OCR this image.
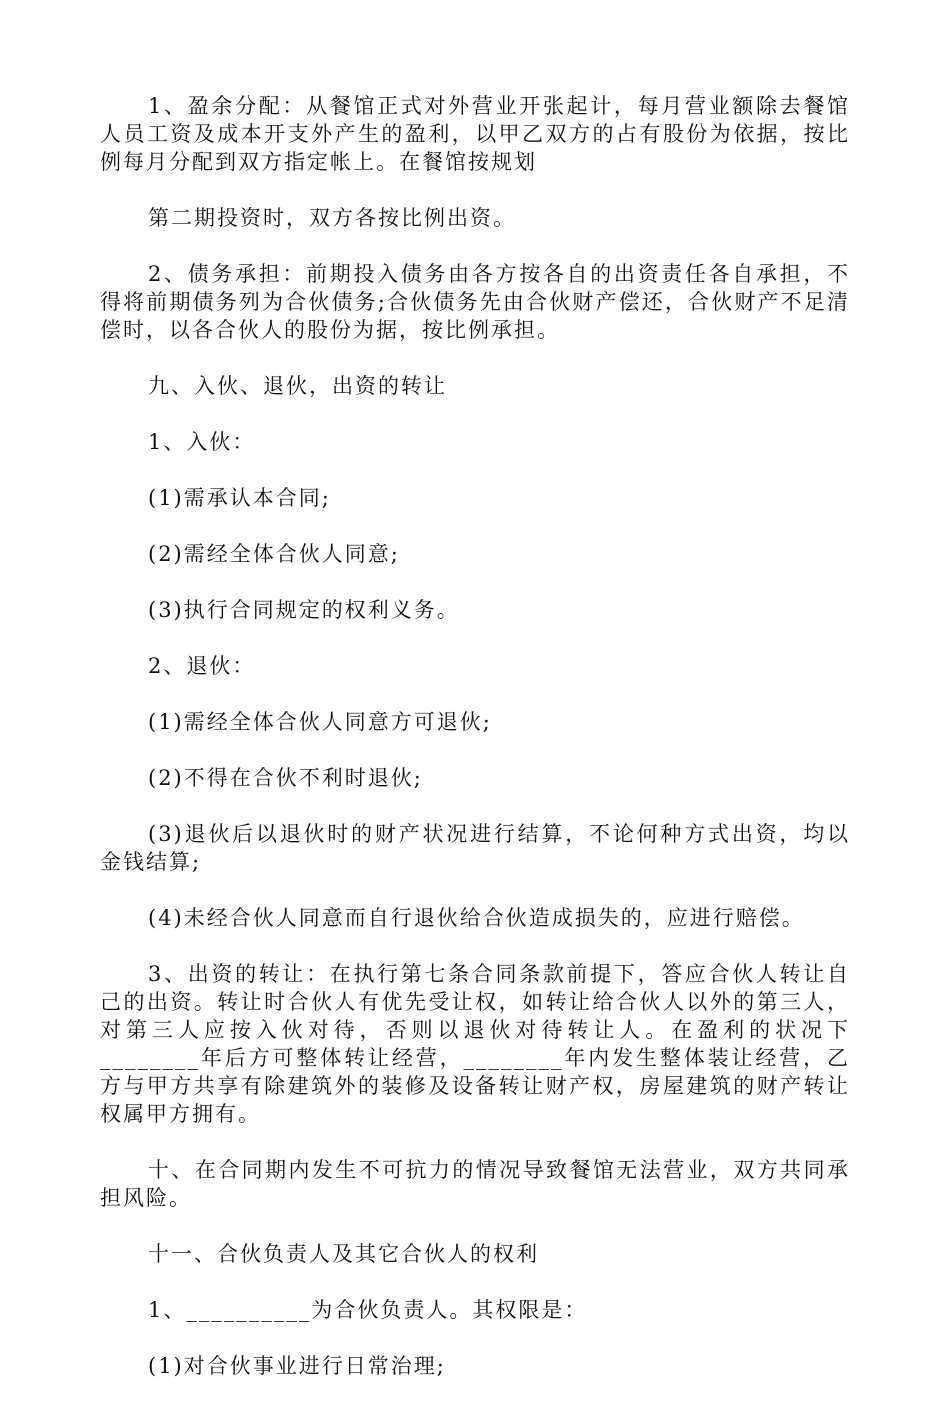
1、盈余分配：从餐馆正式对外营业开张起计，每月营业额除去餐馆人员工资及成本开支外产生的盈利，以甲乙双方的占有股份为依据，按比例每月分配到双方指定帐上。在餐馆按规划

第二期投资时，双方各按比例出资。

2、债务承担：前期投入债务由各方按各自的出资责任各自承担，不得将前期债务列为合伙债务;合伙债务先由合伙财产偿还，合伙财产不足清偿时，以各合伙人的股份为据，按比例承担。

九、入伙、退伙，出资的转让

1、入伙：

(1)需承认本合同;

(2)需经全体合伙人同意;

(3)执行合同规定的权利义务。

2、退伙：

(1)需经全体合伙人同意方可退伙;

(2)不得在合伙不利时退伙;

(3)退伙后以退伙时的财产状况进行结算，不论何种方式出资，均以金钱结算;

(4)未经合伙人同意而自行退伙给合伙造成损失的，应进行赔偿。

3、出资的转让：在执行第七条合同条款前提下，答应合伙人转让自己的出资。转让时合伙人有优先受让权，如转让给合伙人以外的第三人，对第三人应按入伙对待，否则以退伙对待转让人。在盈利的状况下________年后方可整体转让经营，________年内发生整体装让经营，乙方与甲方共享有除建筑外的装修及设备转让财产权，房屋建筑的财产转让权属甲方拥有。

十、在合同期内发生不可抗力的情况导致餐馆无法营业，双方共同承担风险。

十一、合伙负责人及其它合伙人的权利

1、__________为合伙负责人。其权限是：

(1)对合伙事业进行日常治理;
